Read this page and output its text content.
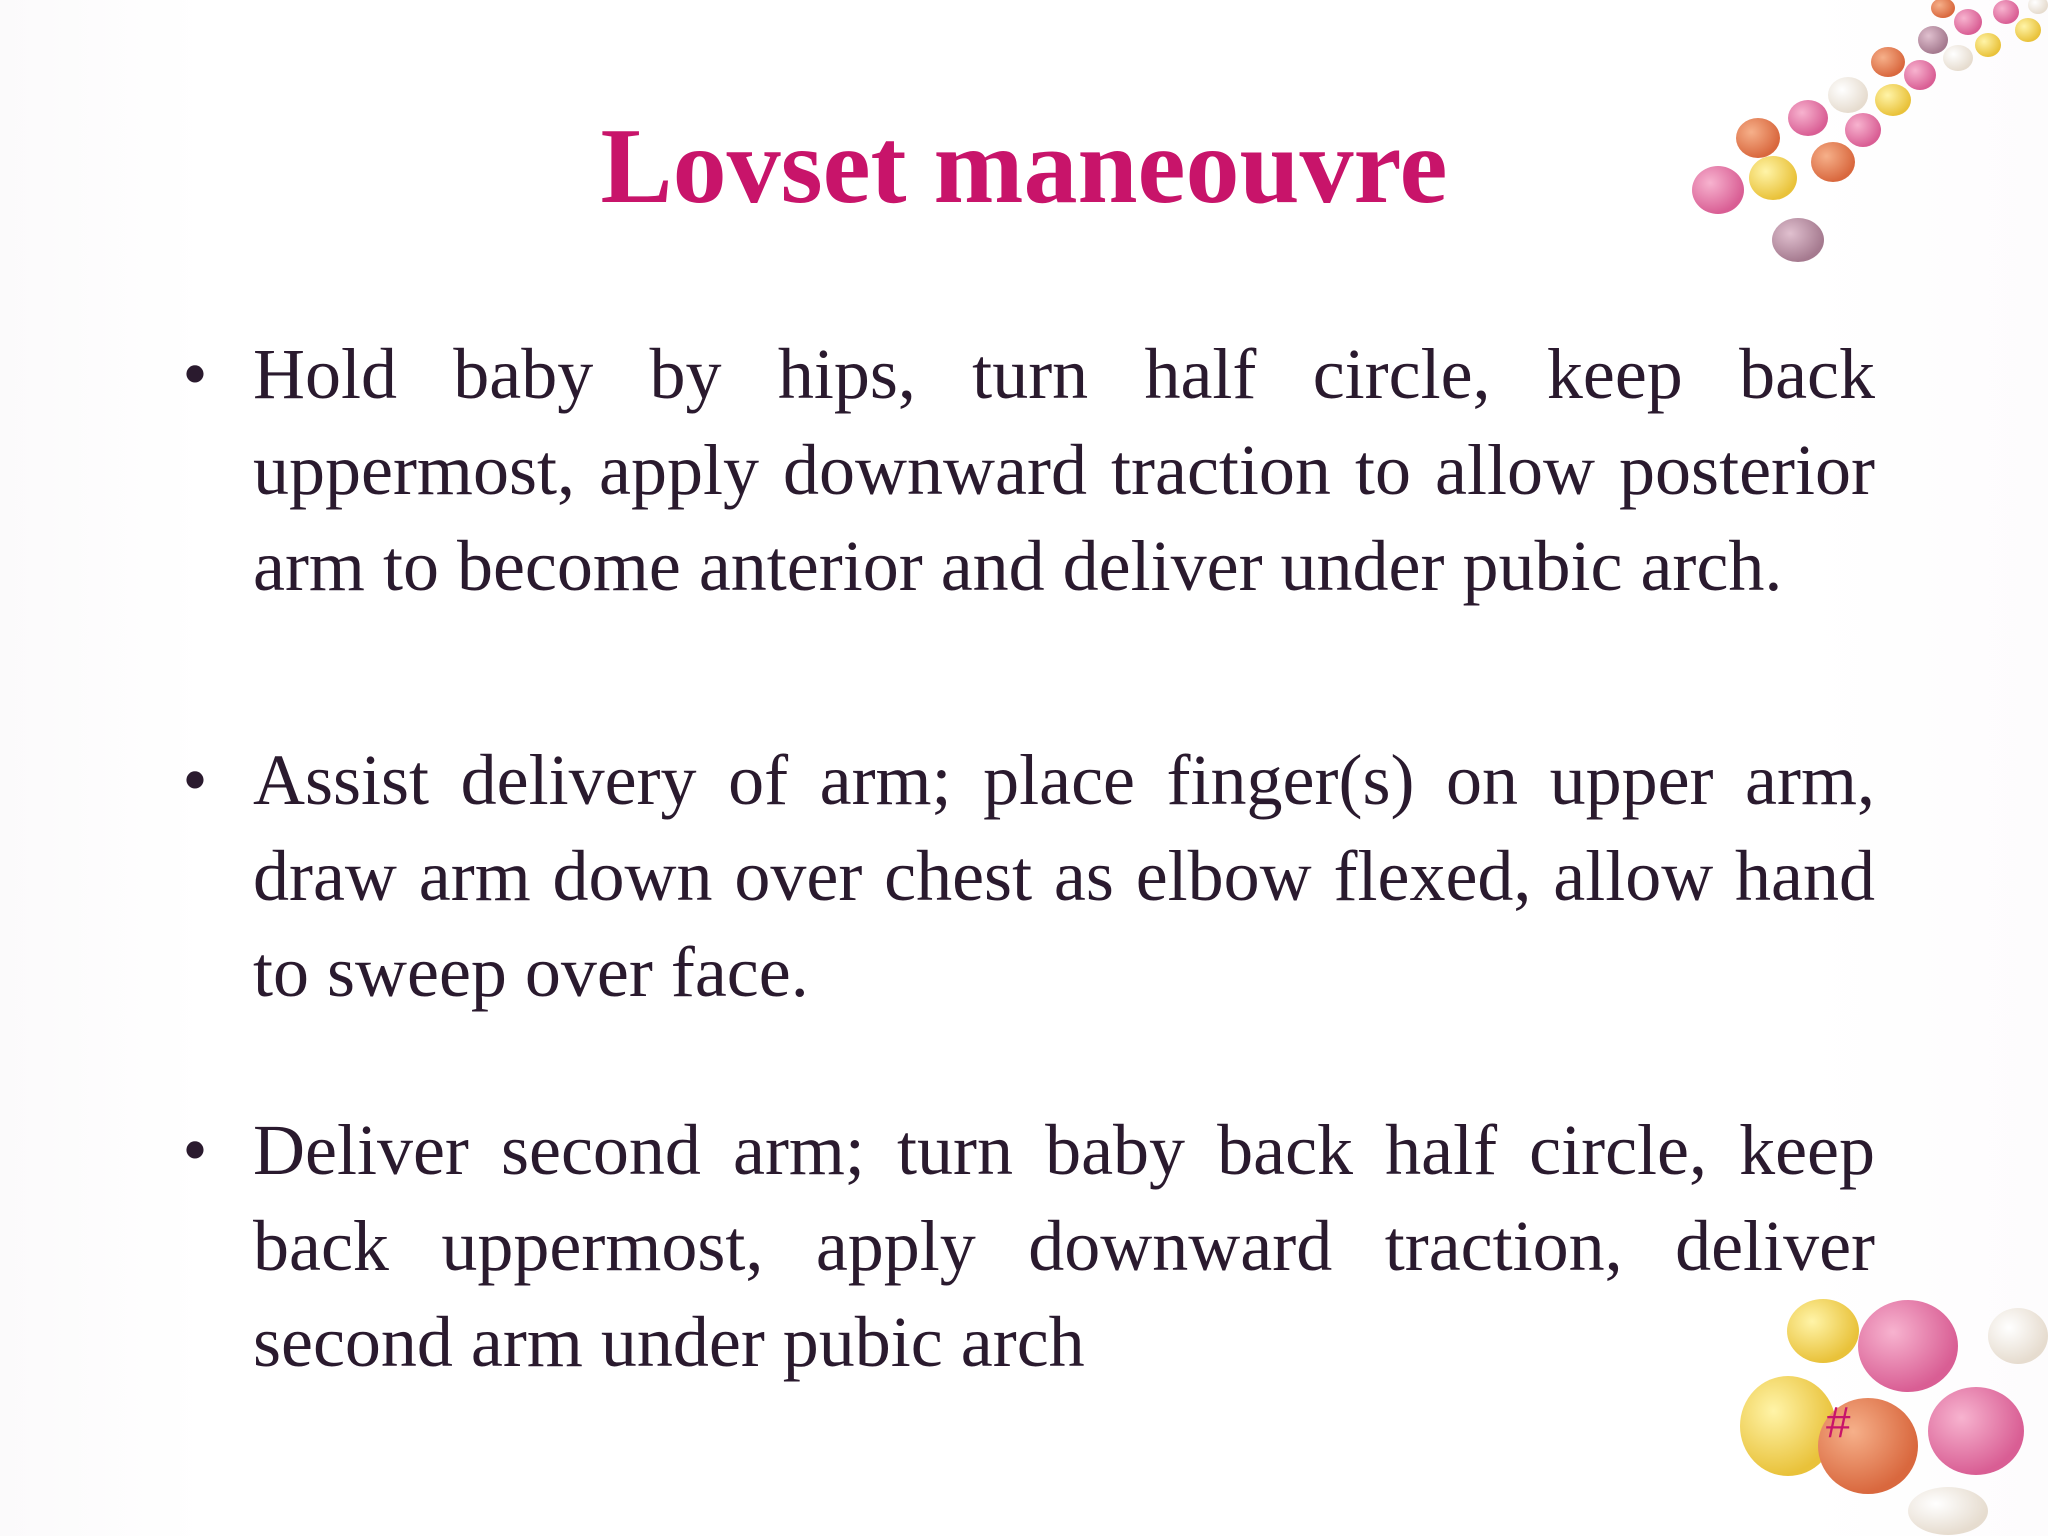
Lovset maneouvre
• Hold baby by hips, turn half circle, keep back uppermost, apply downward traction to allow posterior arm to become anterior and deliver under pubic arch.
• Assist delivery of arm; place finger(s) on upper arm, draw arm down over chest as elbow flexed, allow hand to sweep over face.
• Deliver second arm; turn baby back half circle, keep back uppermost, apply downward traction, deliver second arm under pubic arch
#
